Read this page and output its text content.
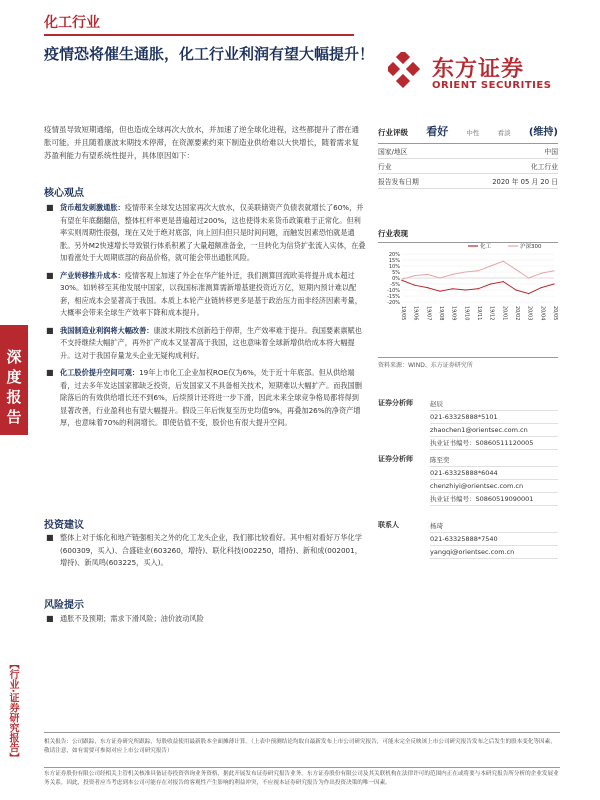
化工行业
疫情恐将催生通胀，化工行业利润有望大幅提升！
东方证券
ORIENT SECURITIES
深度报告
【行业·证券研究报告】
疫情虽导致短期通缩，但也造成全球再次大放水，并加速了逆全球化进程，这些都提升了潜在通胀可能。并且随着康波末期技术停滞，在资源要素约束下制造业供给难以大快增长，随着需求复苏盈利能力有望系统性提升，具体原因如下：
核心观点
■ 货币超发刺激通胀：疫情带来全球发达国家再次大放水，仅美联储资产负债表就增长了60%，并有望在年底翻翻倍，整体杠杆率更是普遍超过200%，这也使得未来货币政策难于正常化。但利率实则周期性很强，现在又处于绝对底部，向上回归但只是时间问题，而触发因素恐怕就是通胀。另外M2快速增长导致银行体系积累了大量超额准备金，一旦转化为信贷扩张流入实体，在叠加看涨处于大周期底部的商品价格，就可能会带出通胀风险。
■ 产业转移推升成本：疫情客观上加速了外企在华产能外迁，我们测算回流欧美将提升成本超过30%。如转移至其他发展中国家，以我国标准测算需新增基建投资近万亿，短期内预计难以配套，相应成本会显著高于我国。本质上本轮产业链转移更多是基于政治压力而非经济因素考量，大概率会带来全球生产效率下降和成本提升。
■ 我国制造业利润将大幅改善：康波末期技术创新趋于停滞，生产效率难于提升。我国要素禀赋也不支持继续大幅扩产，再外扩产成本又显著高于我国，这也意味着全球新增供给成本将大幅提升。这对于我国存量龙头企业无疑构成利好。
■ 化工股价提升空间可观：19年上市化工企业加权ROE仅为6%，处于近十年底部。但从供给端看，过去多年发达国家都缺乏投资，后发国家又不具备相关技术，短期难以大幅扩产。而我国删除落后的有效供给增长还不到6%，后续预计还将进一步下滑，因此未来全球竞争格局都将得到显著改善，行业盈利也有望大幅提升。假设三年后恢复至历史均值9%，再叠加26%的净资产增厚，也意味着70%的利润增长。即使估值不变，股价也有很大提升空间。
投资建议
■ 整体上对于炼化和地产链强相关之外的化工龙头企业，我们都比较看好。其中相对看好万华化学(600309，买入)、合盛硅业(603260，增持)、联化科技(002250，增持)、新和成(002001，增持)、新凤鸣(603225，买入)。
风险提示
■ 通胀不及预期；需求下滑风险；油价波动风险
行业评级 看好	中性	看淡 (维持)
国家/地区	中国
行业	化工行业
报告发布日期	2020 年 05 月 20 日
行业表现
20%
15%
10%
5%
0%
-5%
-10%
-15%
-20%
19/05 19/06 19/07 19/08 19/09 19/10 19/11 19/12 20/01 20/02 20/03 20/04 20/05
化工	沪深300
资料来源：WIND、东方证券研究所
证券分析师	赵辰
021-63325888*5101
zhaochen1@orientsec.com.cn
执业证书编号：S0860511120005
证券分析师	陈至奕
021-63325888*6044
chenzhiyi@orientsec.com.cn
执业证书编号：S0860519090001
联系人	杨琦
021-63325888*7540
yangqi@orientsec.com.cn
相关报告：公司跟踪，东方证券研究所跟踪，每股收益使用最新股本全面摊薄计算。（上表中预测结论均取自最新发布上市公司研究报告，可能未完全反映该上市公司研究报告发布之后发生的股本变化等因素，敬请注意，如有需要可参阅对应上市公司研究报告）
东方证券股份有限公司经相关主管机关核准具备证券投资咨询业务资格，据此开展发布证券研究报告业务。东方证券股份有限公司及其关联机构在法律许可的范围内正在或将要与本研究报告所分析的企业发展业务关系。因此，投资者应当考虑到本公司可能存在对报告的客观性产生影响的利益冲突，不应视本证券研究报告为作出投资决策的唯一因素。
